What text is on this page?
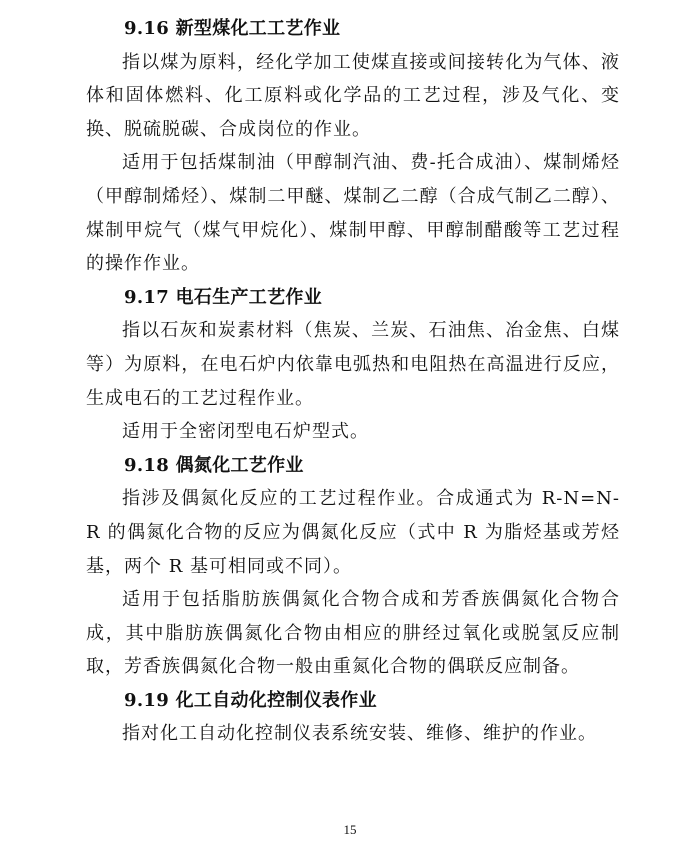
9.16 新型煤化工工艺作业

指以煤为原料，经化学加工使煤直接或间接转化为气体、液体和固体燃料、化工原料或化学品的工艺过程，涉及气化、变换、脱硫脱碳、合成岗位的作业。

适用于包括煤制油（甲醇制汽油、费-托合成油）、煤制烯烃（甲醇制烯烃）、煤制二甲醚、煤制乙二醇（合成气制乙二醇）、煤制甲烷气（煤气甲烷化）、煤制甲醇、甲醇制醋酸等工艺过程的操作作业。

9.17 电石生产工艺作业

指以石灰和炭素材料（焦炭、兰炭、石油焦、冶金焦、白煤等）为原料，在电石炉内依靠电弧热和电阻热在高温进行反应，生成电石的工艺过程作业。

适用于全密闭型电石炉型式。

9.18 偶氮化工艺作业

指涉及偶氮化反应的工艺过程作业。合成通式为 R-N=N-R 的偶氮化合物的反应为偶氮化反应（式中 R 为脂烃基或芳烃基，两个 R 基可相同或不同）。

适用于包括脂肪族偶氮化合物合成和芳香族偶氮化合物合成，其中脂肪族偶氮化合物由相应的肼经过氧化或脱氢反应制取，芳香族偶氮化合物一般由重氮化合物的偶联反应制备。

9.19 化工自动化控制仪表作业

指对化工自动化控制仪表系统安装、维修、维护的作业。

15
